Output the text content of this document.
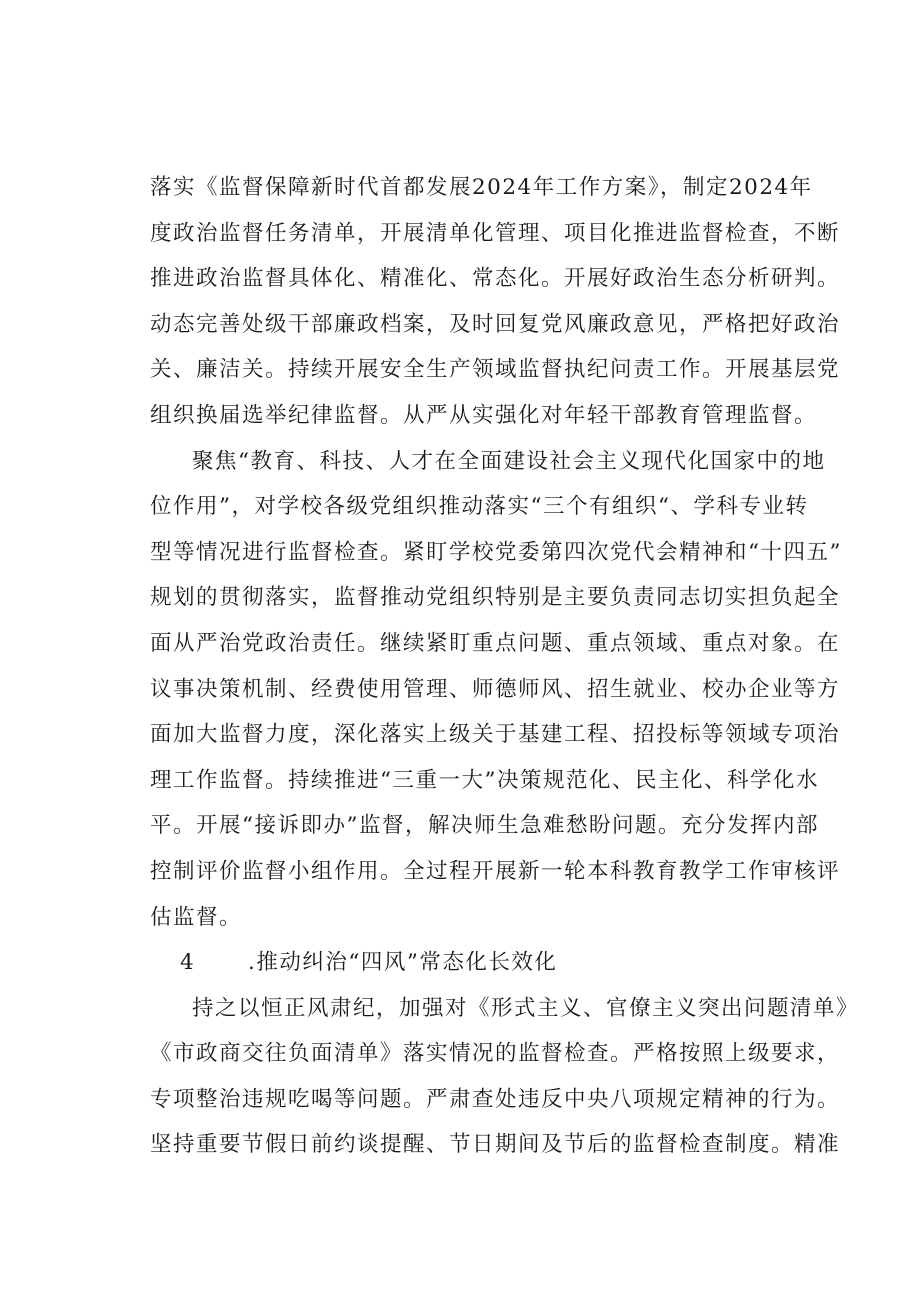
落实《监督保障新时代首都发展2024年工作方案》，制定2024年
度政治监督任务清单，开展清单化管理、项目化推进监督检查，不断
推进政治监督具体化、精准化、常态化。开展好政治生态分析研判。
动态完善处级干部廉政档案，及时回复党风廉政意见，严格把好政治
关、廉洁关。持续开展安全生产领域监督执纪问责工作。开展基层党
组织换届选举纪律监督。从严从实强化对年轻干部教育管理监督。
聚焦“教育、科技、人才在全面建设社会主义现代化国家中的地
位作用”，对学校各级党组织推动落实“三个有组织“、学科专业转
型等情况进行监督检查。紧盯学校党委第四次党代会精神和“十四五”
规划的贯彻落实，监督推动党组织特别是主要负责同志切实担负起全
面从严治党政治责任。继续紧盯重点问题、重点领域、重点对象。在
议事决策机制、经费使用管理、师德师风、招生就业、校办企业等方
面加大监督力度，深化落实上级关于基建工程、招投标等领域专项治
理工作监督。持续推进“三重一大”决策规范化、民主化、科学化水
平。开展“接诉即办”监督，解决师生急难愁盼问题。充分发挥内部
控制评价监督小组作用。全过程开展新一轮本科教育教学工作审核评
估监督。
4 .推动纠治“四风”常态化长效化
持之以恒正风肃纪，加强对《形式主义、官僚主义突出问题清单》
《市政商交往负面清单》落实情况的监督检查。严格按照上级要求，
专项整治违规吃喝等问题。严肃查处违反中央八项规定精神的行为。
坚持重要节假日前约谈提醒、节日期间及节后的监督检查制度。精准
